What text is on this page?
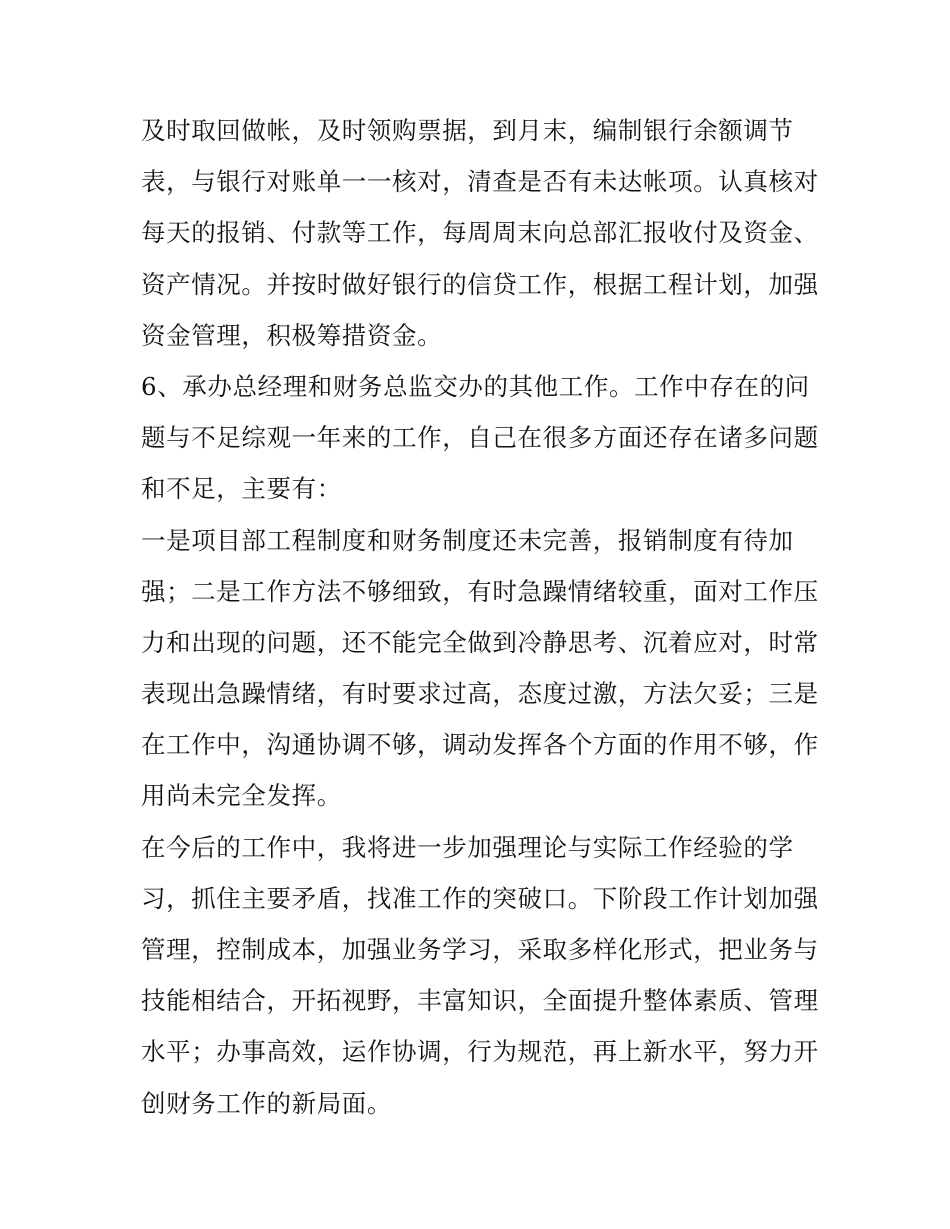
及时取回做帐，及时领购票据，到月末，编制银行余额调节
表，与银行对账单一一核对，清查是否有未达帐项。认真核对
每天的报销、付款等工作，每周周末向总部汇报收付及资金、
资产情况。并按时做好银行的信贷工作，根据工程计划，加强
资金管理，积极筹措资金。
6、承办总经理和财务总监交办的其他工作。工作中存在的问
题与不足综观一年来的工作，自己在很多方面还存在诸多问题
和不足，主要有：
一是项目部工程制度和财务制度还未完善，报销制度有待加
强；二是工作方法不够细致，有时急躁情绪较重，面对工作压
力和出现的问题，还不能完全做到冷静思考、沉着应对，时常
表现出急躁情绪，有时要求过高，态度过激，方法欠妥；三是
在工作中，沟通协调不够，调动发挥各个方面的作用不够，作
用尚未完全发挥。
在今后的工作中，我将进一步加强理论与实际工作经验的学
习，抓住主要矛盾，找准工作的突破口。下阶段工作计划加强
管理，控制成本，加强业务学习，采取多样化形式，把业务与
技能相结合，开拓视野，丰富知识，全面提升整体素质、管理
水平；办事高效，运作协调，行为规范，再上新水平，努力开
创财务工作的新局面。
